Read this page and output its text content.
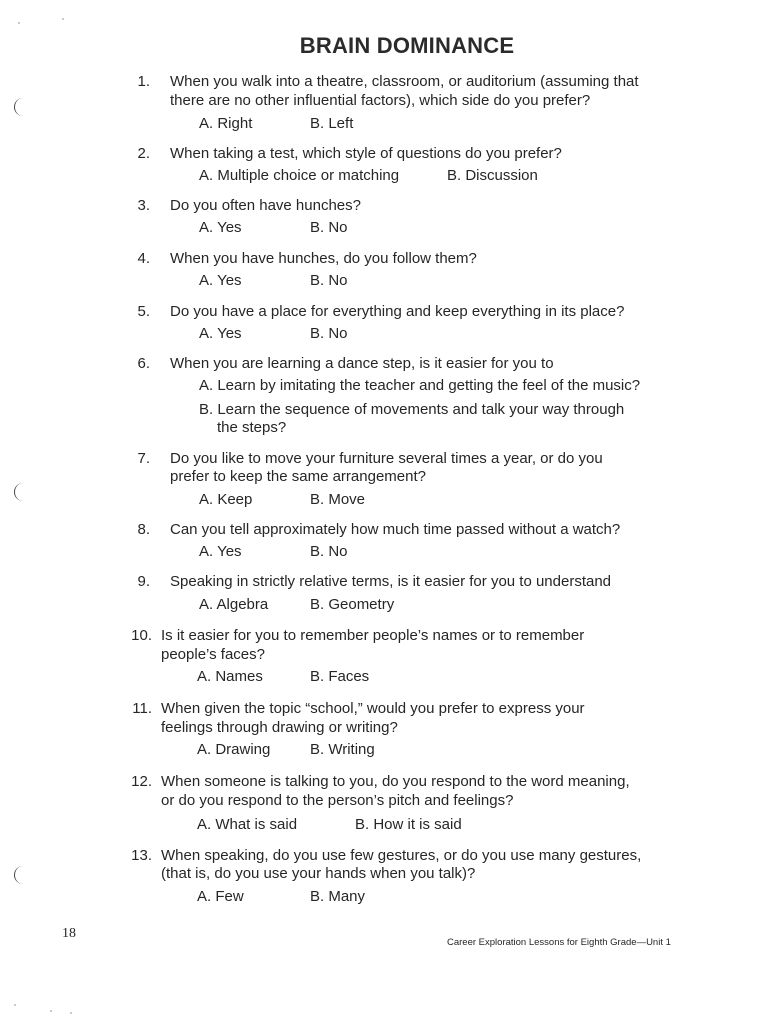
BRAIN DOMINANCE
1. When you walk into a theatre, classroom, or auditorium (assuming that
there are no other influential factors), which side do you prefer?
A. Right	B. Left
2. When taking a test, which style of questions do you prefer?
A. Multiple choice or matching	B. Discussion
3. Do you often have hunches?
A. Yes	B. No
4. When you have hunches, do you follow them?
A. Yes	B. No
5. Do you have a place for everything and keep everything in its place?
A. Yes	B. No
6. When you are learning a dance step, is it easier for you to
A. Learn by imitating the teacher and getting the feel of the music?
B. Learn the sequence of movements and talk your way through
the steps?
7. Do you like to move your furniture several times a year, or do you
prefer to keep the same arrangement?
A. Keep	B. Move
8. Can you tell approximately how much time passed without a watch?
A. Yes	B. No
9. Speaking in strictly relative terms, is it easier for you to understand
A. Algebra	B. Geometry
10. Is it easier for you to remember people’s names or to remember
people’s faces?
A. Names	B. Faces
11. When given the topic “school,” would you prefer to express your
feelings through drawing or writing?
A. Drawing	B. Writing
12. When someone is talking to you, do you respond to the word meaning,
or do you respond to the person’s pitch and feelings?
A. What is said	B. How it is said
13. When speaking, do you use few gestures, or do you use many gestures,
(that is, do you use your hands when you talk)?
A. Few	B. Many
18
Career Exploration Lessons for Eighth Grade—Unit 1
